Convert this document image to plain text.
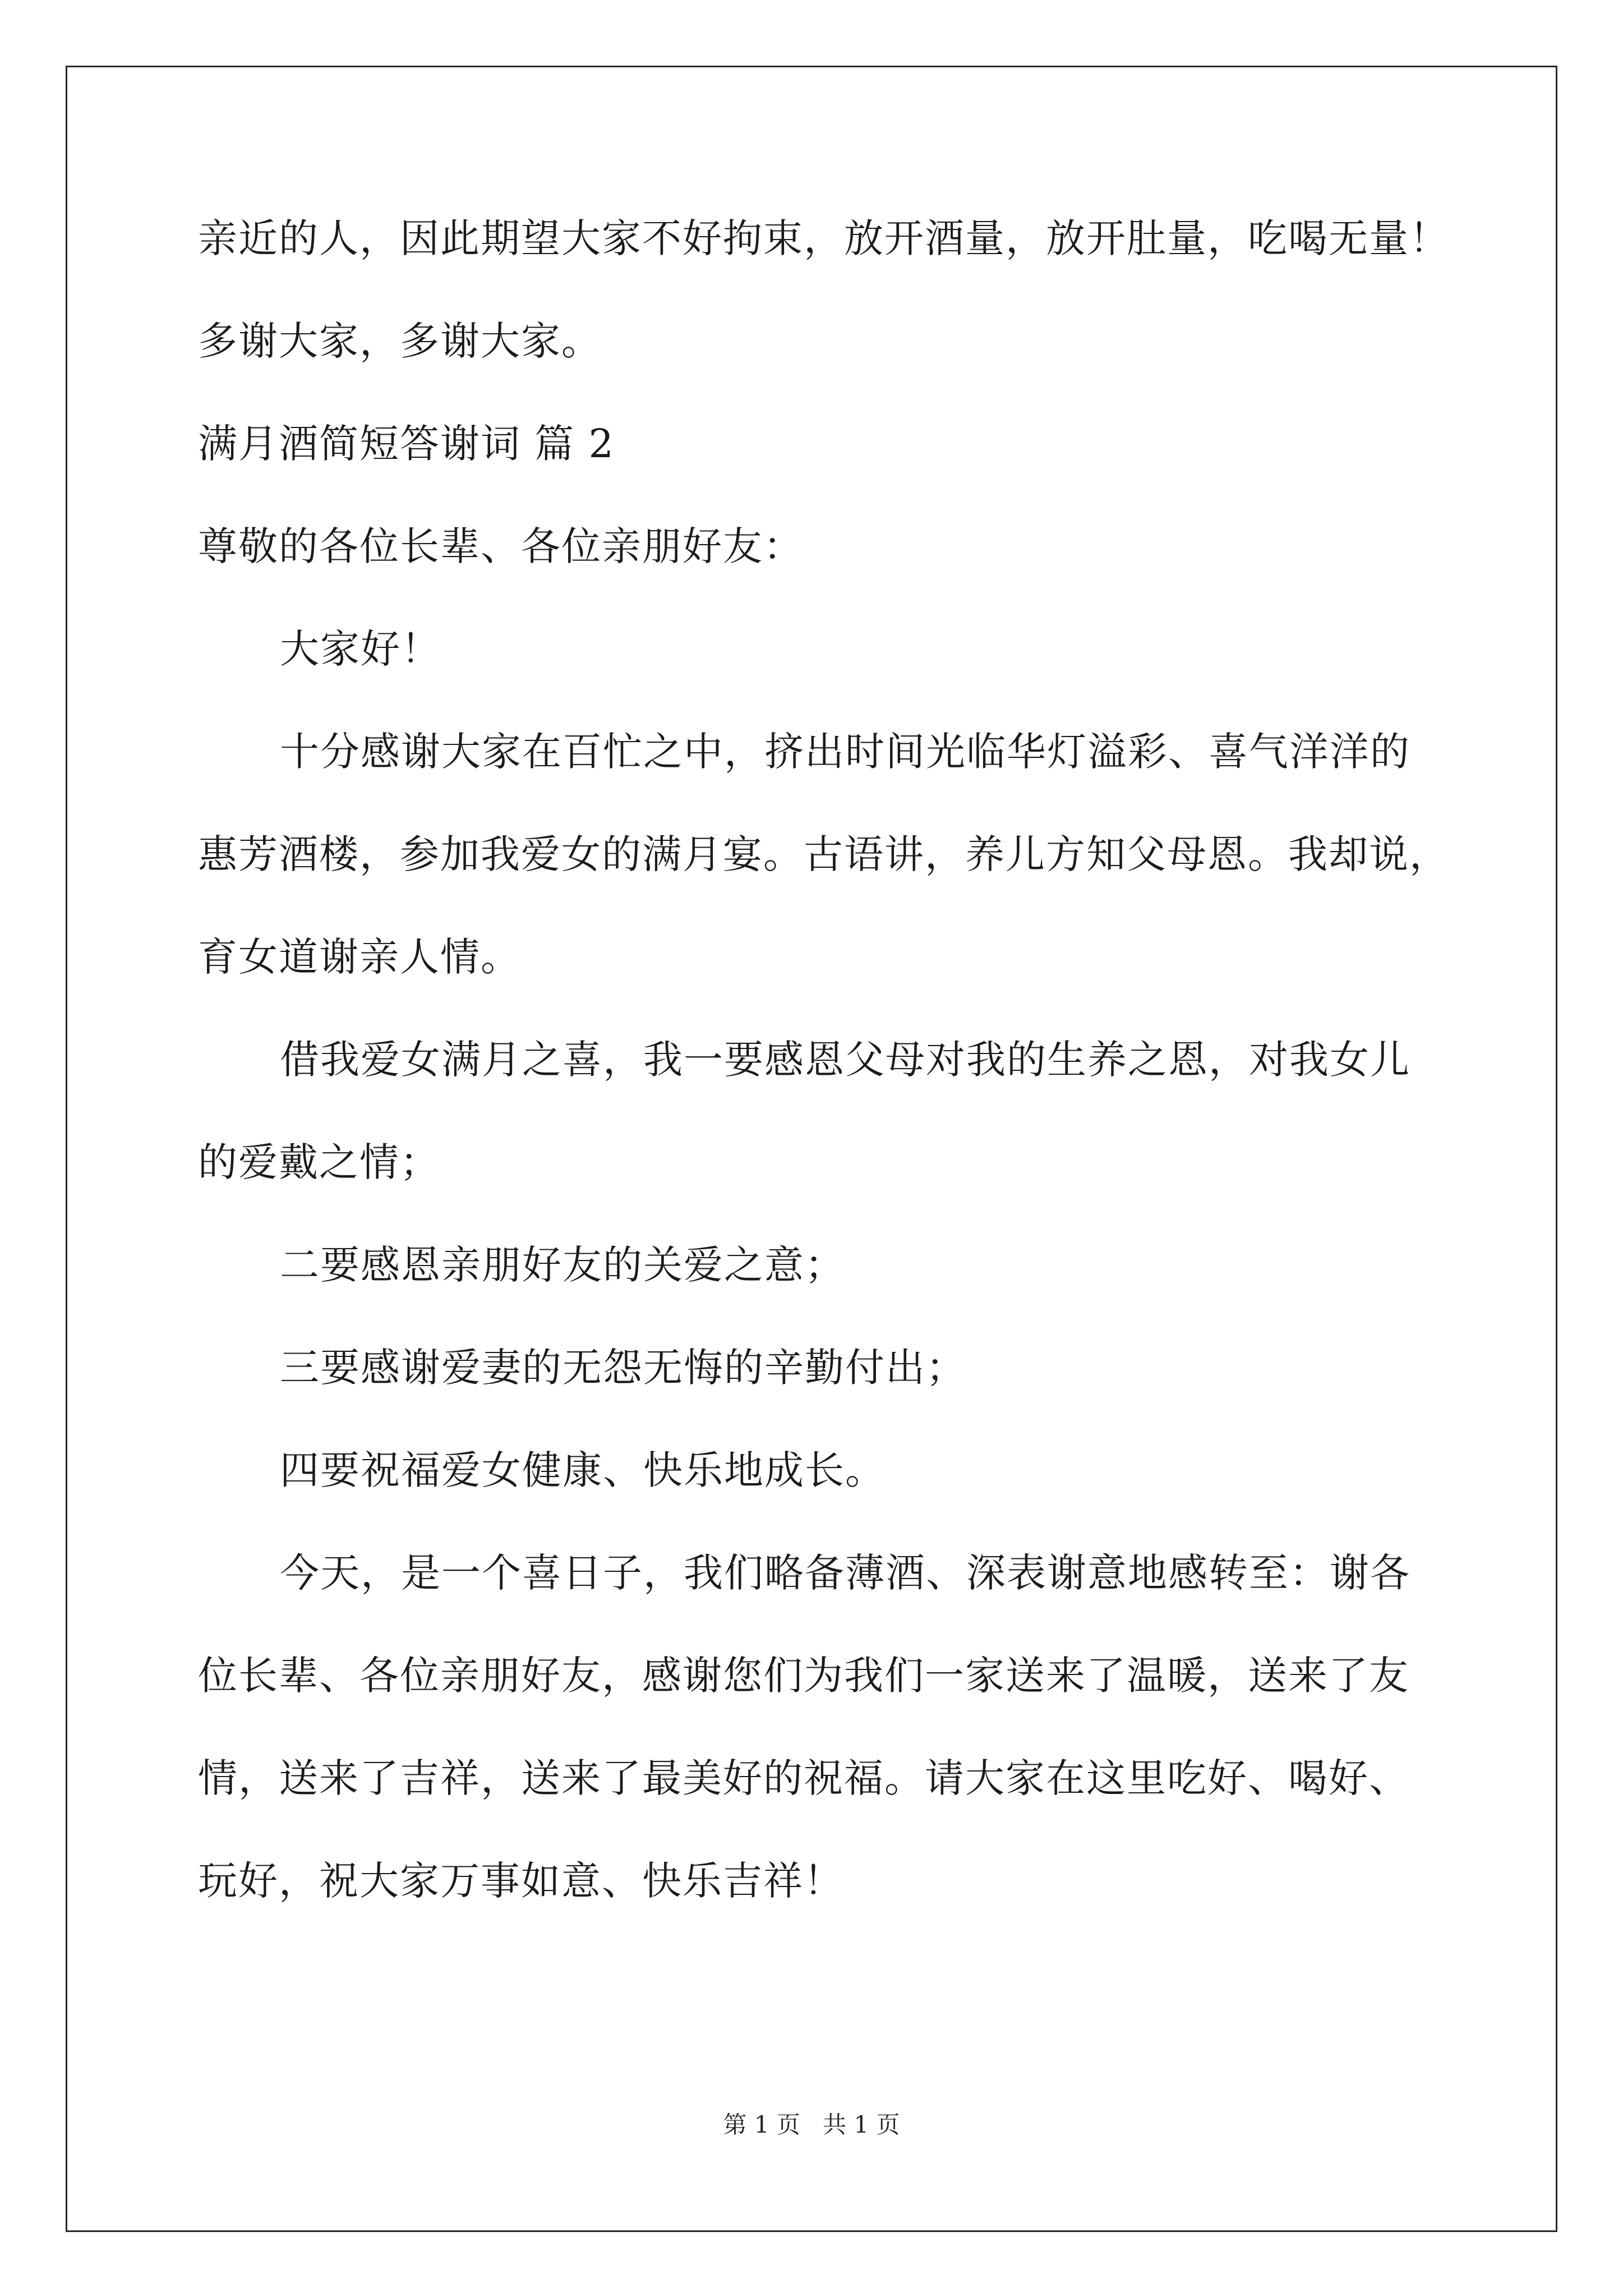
亲近的人，因此期望大家不好拘束，放开酒量，放开肚量，吃喝无量！
多谢大家，多谢大家。
满月酒简短答谢词 篇 2
尊敬的各位长辈、各位亲朋好友：
大家好！
十分感谢大家在百忙之中，挤出时间光临华灯溢彩、喜气洋洋的
惠芳酒楼，参加我爱女的满月宴。古语讲，养儿方知父母恩。我却说，
育女道谢亲人情。
借我爱女满月之喜，我一要感恩父母对我的生养之恩，对我女儿
的爱戴之情；
二要感恩亲朋好友的关爱之意；
三要感谢爱妻的无怨无悔的辛勤付出；
四要祝福爱女健康、快乐地成长。
今天，是一个喜日子，我们略备薄酒、深表谢意地感转至：谢各
位长辈、各位亲朋好友，感谢您们为我们一家送来了温暖，送来了友
情，送来了吉祥，送来了最美好的祝福。请大家在这里吃好、喝好、
玩好，祝大家万事如意、快乐吉祥！
第 1 页   共 1 页
